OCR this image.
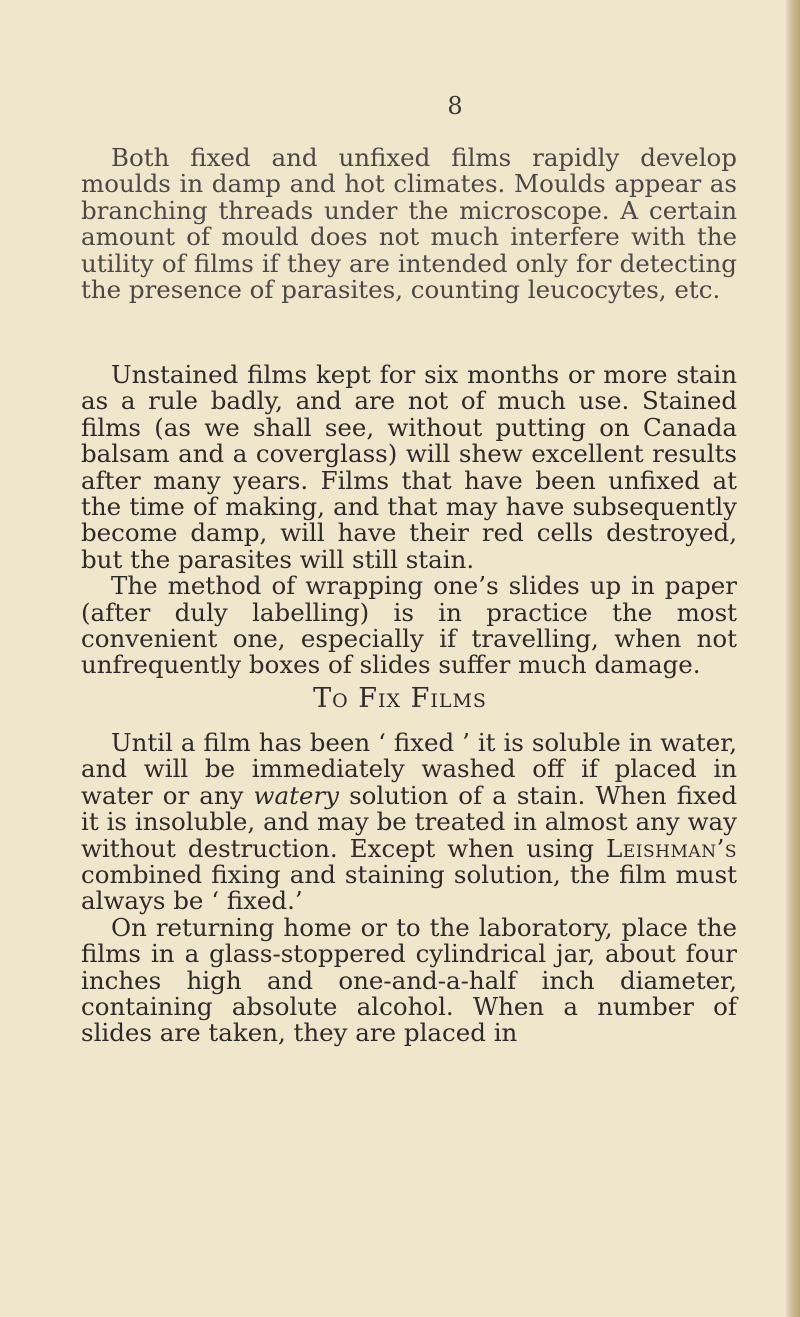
8

Both fixed and unfixed films rapidly develop moulds in damp and hot climates. Moulds appear as branching threads under the microscope. A certain amount of mould does not much interfere with the utility of films if they are intended only for detecting the presence of parasites, counting leucocytes, etc.

Unstained films kept for six months or more stain as a rule badly, and are not of much use. Stained films (as we shall see, without putting on Canada balsam and a coverglass) will shew excellent results after many years. Films that have been unfixed at the time of making, and that may have subsequently become damp, will have their red cells destroyed, but the parasites will still stain.

The method of wrapping one’s slides up in paper (after duly labelling) is in practice the most convenient one, especially if travelling, when not unfrequently boxes of slides suffer much damage.

To Fix Films

Until a film has been ‘ fixed ’ it is soluble in water, and will be immediately washed off if placed in water or any watery solution of a stain. When fixed it is insoluble, and may be treated in almost any way without destruction. Except when using Leishman’s combined fixing and staining solution, the film must always be ‘ fixed.’

On returning home or to the laboratory, place the films in a glass-stoppered cylindrical jar, about four inches high and one-and-a-half inch diameter, containing absolute alcohol. When a number of slides are taken, they are placed in
